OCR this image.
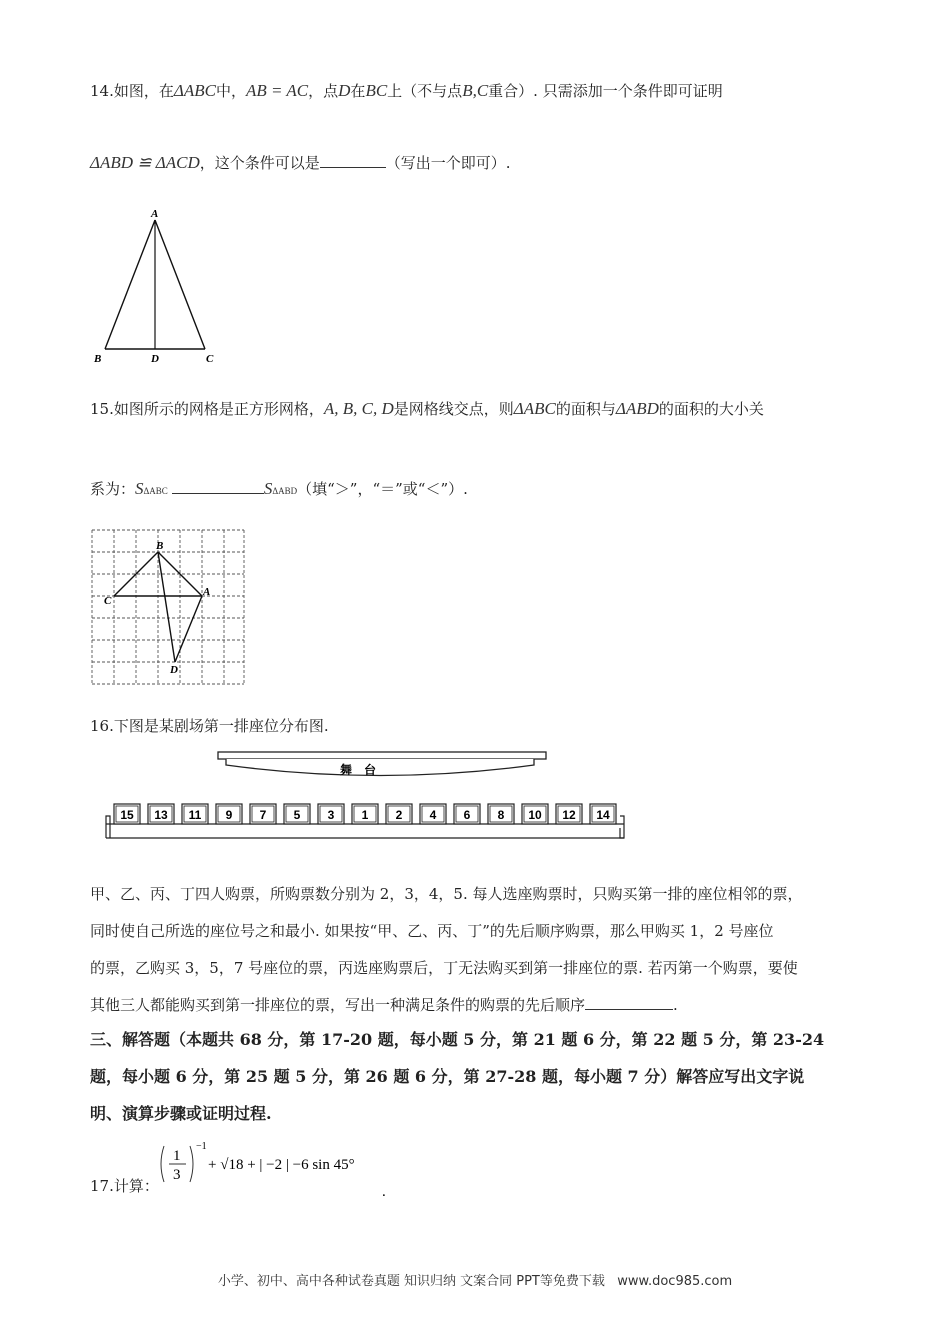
14.如图，在ΔABC中，AB = AC，点D在BC上（不与点B,C重合）. 只需添加一个条件即可证明
ΔABD ≌ ΔACD，这个条件可以是	（写出一个即可）.
A
B	D	C
15.如图所示的网格是正方形网格，A, B, C, D是网格线交点，则ΔABC的面积与ΔABD的面积的大小关
系为：SΔABC	SΔABD（填“＞”，“＝”或“＜”）.
B
C
A
D
16.下图是某剧场第一排座位分布图.
舞　台
15 13 11 9 7 5 3 1 2 4 6 8 10 12 14
甲、乙、丙、丁四人购票，所购票数分别为 2，3，4，5. 每人选座购票时，只购买第一排的座位相邻的票，
同时使自己所选的座位号之和最小. 如果按“甲、乙、丙、丁”的先后顺序购票，那么甲购买 1，2 号座位
的票，乙购买 3，5，7 号座位的票，丙选座购票后，丁无法购买到第一排座位的票. 若丙第一个购票，要使
其他三人都能购买到第一排座位的票，写出一种满足条件的购票的先后顺序	.
三、解答题（本题共 68 分，第 17-20 题，每小题 5 分，第 21 题 6 分，第 22 题 5 分，第 23-24
题，每小题 6 分，第 25 题 5 分，第 26 题 6 分，第 27-28 题，每小题 7 分）解答应写出文字说
明、演算步骤或证明过程.
17.计算：
1
3
−1
+ √18 + | −2 | −6 sin 45°
.
小学、初中、高中各种试卷真题 知识归纳 文案合同 PPT等免费下载 www.doc985.com
